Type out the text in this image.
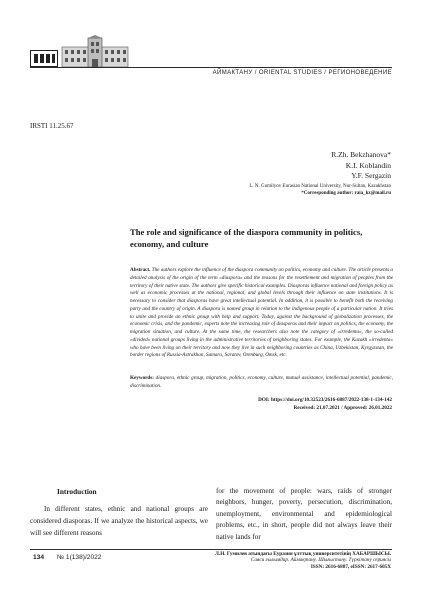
АЙМАКТАНУ / ORIENTAL STUDIES / РЕГИОНОВЕДЕНИЕ
IRSTI 11.25.67
R.Zh. Bekzhanova*
K.I. Koblandin
Y.F. Sergazin
L. N. Gumilyov Eurasian National University, Nur-Sultan, Kazakhstan
*Corresponding author: raia_kz@mail.ru
The role and significance of the diaspora community in politics, economy, and culture
Abstract. The authors explore the influence of the diaspora community on politics, economy and culture. The article presents a detailed analysis of the origin of the term «diaspora» and the reasons for the resettlement and migration of peoples from the territory of their native state. The authors give specific historical examples. Diasporas influence national and foreign policy as well as economic processes at the national, regional, and global levels through their influence on state institutions. It is necessary to consider that diasporas have great intellectual potential. In addition, it is possible to benefit both the receiving party and the country of origin. A diaspora is named group in relation to the indigenous people of a particular nation. It tries to unite and provide an ethnic group with help and support. Today, against the background of globalization processes, the economic crisis, and the pandemic, experts note the increasing role of diasporas and their impact on politics, the economy, the migration situation, and culture. At the same time, the researchers also note the category of «irredenta», the so-called «divided» national groups living in the administrative territories of neighboring states. For example, the Kazakh «irredenta» who have been living on their territory and now they live in such neighboring countries as China, Uzbekistan, Kyrgyzstan, the border regions of Russia-Astrakhan, Samara, Saratov, Orenburg, Omsk, etc.
Keywords: diaspora, ethnic group, migration, politics, economy, culture, mutual assistance, intellectual potential, pandemic, discrimination.
DOI: https://doi.org/10.32523/2616-6887/2022-138-1-134-142
Received: 21.07.2021 / Approved: 26.01.2022
Introduction
In different states, ethnic and national groups are considered diasporas. If we analyze the historical aspects, we will see different reasons
for the movement of people: wars, raids of stronger neighbors, hunger, poverty, persecution, discrimination, unemployment, environmental and epidemiological problems, etc., in short, people did not always leave their native lands for
134 № 1(138)/2022	Л.Н. Гумилев атындағы Еуразия ұлттық университетінің ХАБАРШЫСЫ.
Саяси ғылымдар. Аймақтану. Шығыстану. Түркітану сериясы
ISSN: 2616-6887, eISSN: 2617-605X
